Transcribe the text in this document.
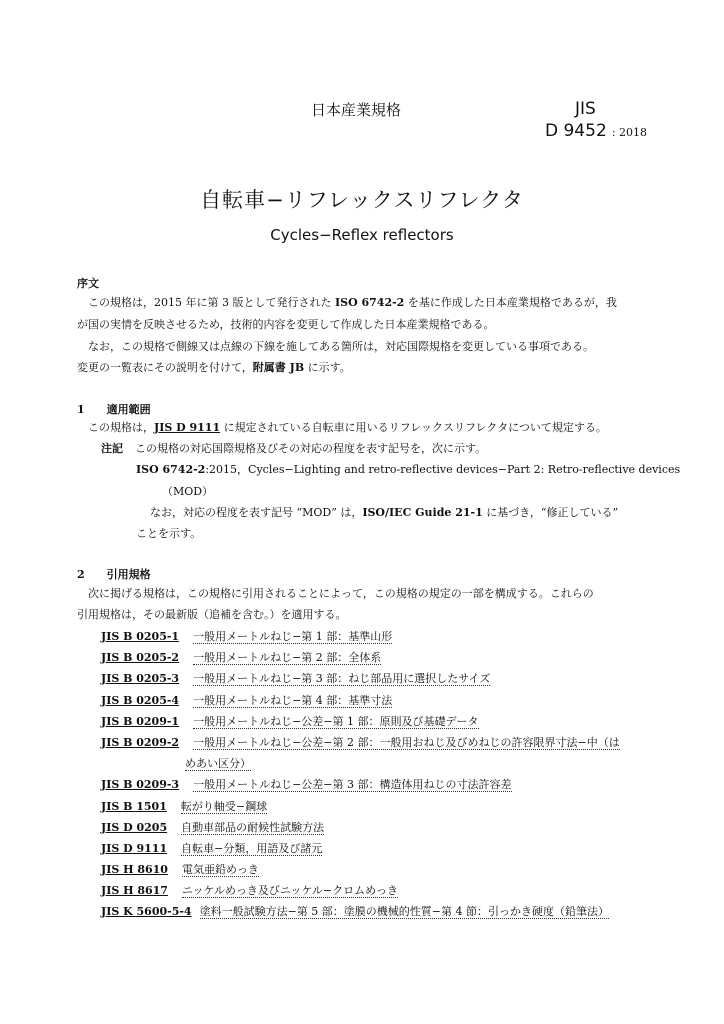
日本産業規格	JIS
D 9452 : 2018
自転車−リフレックスリフレクタ
Cycles−Reflex reflectors
序文
この規格は，2015 年に第 3 版として発行された ISO 6742-2 を基に作成した日本産業規格であるが，我
が国の実情を反映させるため，技術的内容を変更して作成した日本産業規格である。
なお，この規格で側線又は点線の下線を施してある箇所は，対応国際規格を変更している事項である。
変更の一覧表にその説明を付けて，附属書 JB に示す。
1 適用範囲
この規格は，JIS D 9111 に規定されている自転車に用いるリフレックスリフレクタについて規定する。
注記 この規格の対応国際規格及びその対応の程度を表す記号を，次に示す。
ISO 6742-2:2015，Cycles−Lighting and retro-reflective devices−Part 2: Retro-reflective devices
（MOD）
なお，対応の程度を表す記号 “MOD” は，ISO/IEC Guide 21-1 に基づき，“修正している”
ことを示す。
2 引用規格
次に掲げる規格は，この規格に引用されることによって，この規格の規定の一部を構成する。これらの
引用規格は，その最新版（追補を含む。）を適用する。
JIS B 0205-1 一般用メートルねじ−第 1 部：基準山形
JIS B 0205-2 一般用メートルねじ−第 2 部：全体系
JIS B 0205-3 一般用メートルねじ−第 3 部：ねじ部品用に選択したサイズ
JIS B 0205-4 一般用メートルねじ−第 4 部：基準寸法
JIS B 0209-1 一般用メートルねじ−公差−第 1 部：原則及び基礎データ
JIS B 0209-2 一般用メートルねじ−公差−第 2 部：一般用おねじ及びめねじの許容限界寸法−中（は
めあい区分）
JIS B 0209-3 一般用メートルねじ−公差−第 3 部：構造体用ねじの寸法許容差
JIS B 1501 転がり軸受−鋼球
JIS D 0205 自動車部品の耐候性試験方法
JIS D 9111 自転車−分類，用語及び諸元
JIS H 8610 電気亜鉛めっき
JIS H 8617 ニッケルめっき及びニッケル−クロムめっき
JIS K 5600-5-4 塗料一般試験方法−第 5 部：塗膜の機械的性質−第 4 節：引っかき硬度（鉛筆法）
